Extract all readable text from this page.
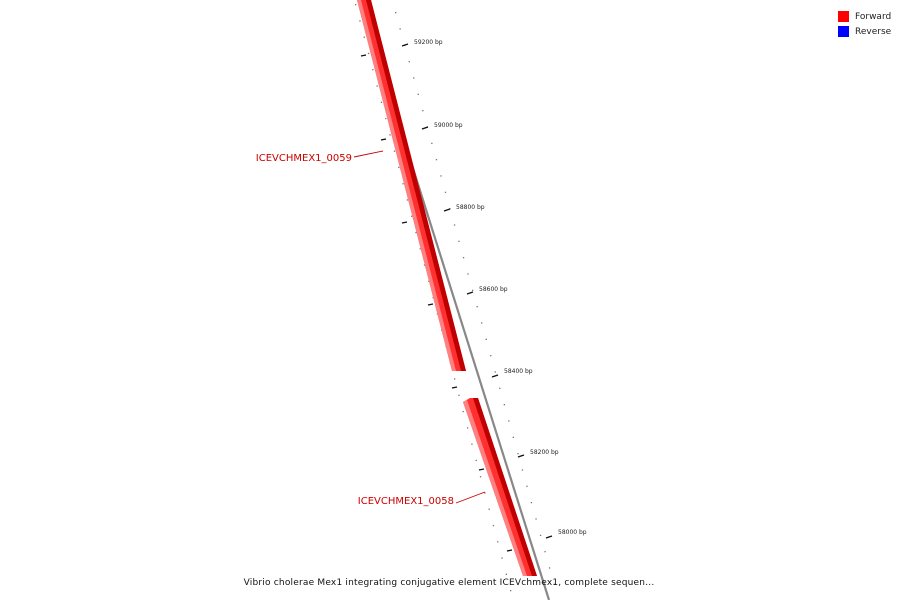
59200 bp
59000 bp
58800 bp
58600 bp
58400 bp
58200 bp
58000 bp
ICEVCHMEX1_0059
ICEVCHMEX1_0058
Forward
Reverse
Vibrio cholerae Mex1 integrating conjugative element ICEVchmex1, complete sequen...
